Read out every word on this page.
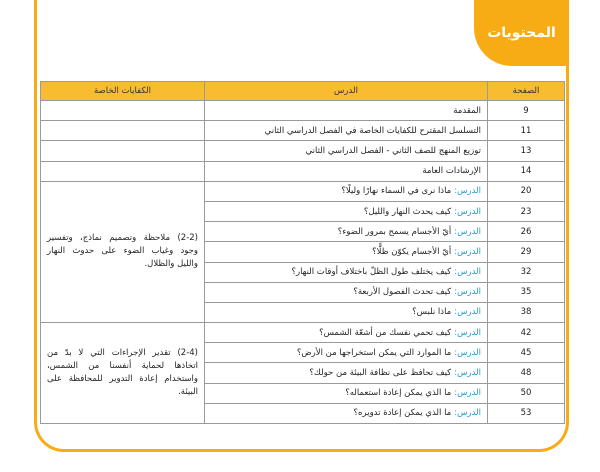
المحتويات
الصفحة	الدرس	الكفايات الخاصة
9	المقدمة	
11	التسلسل المقترح للكفايات الخاصة في الفصل الدراسي الثاني	
13	توزيع المنهج للصف الثاني - الفصل الدراسي الثاني	
14	الإرشادات العامة	
20	الدرس:ماذا نرى في السماء نهارًا وليلًا؟	(2-2) ملاحظة وتصميم نماذج، وتفسير وجود وغياب الضوء على حدوث النهار والليل والظلال.
23	الدرس:كيف يحدث النهار والليل؟	
26	الدرس:أيّ الأجسام يسمح بمرور الضوء؟	
29	الدرس:أيّ الأجسام يكوّن ظلًّا؟	
32	الدرس:كيف يختلف طول الظلّ باختلاف أوقات النهار؟	
35	الدرس:كيف تحدث الفصول الأربعة؟	
38	الدرس:ماذا نلبس؟	
42	الدرس:كيف تحمي نفسك من أشعّة الشمس؟	(2-4) تقدير الإجراءات التي لا بدّ من اتخاذها لحماية أنفسنا من الشمس، واستخدام إعادة التدوير للمحافظة على البيئة.
45	الدرس:ما الموارد التي يمكن استخراجها من الأرض؟	
48	الدرس:كيف تحافظ على نظافة البيئة من حولك؟	
50	الدرس:ما الذي يمكن إعادة استعماله؟	
53	الدرس:ما الذي يمكن إعادة تدويره؟	
